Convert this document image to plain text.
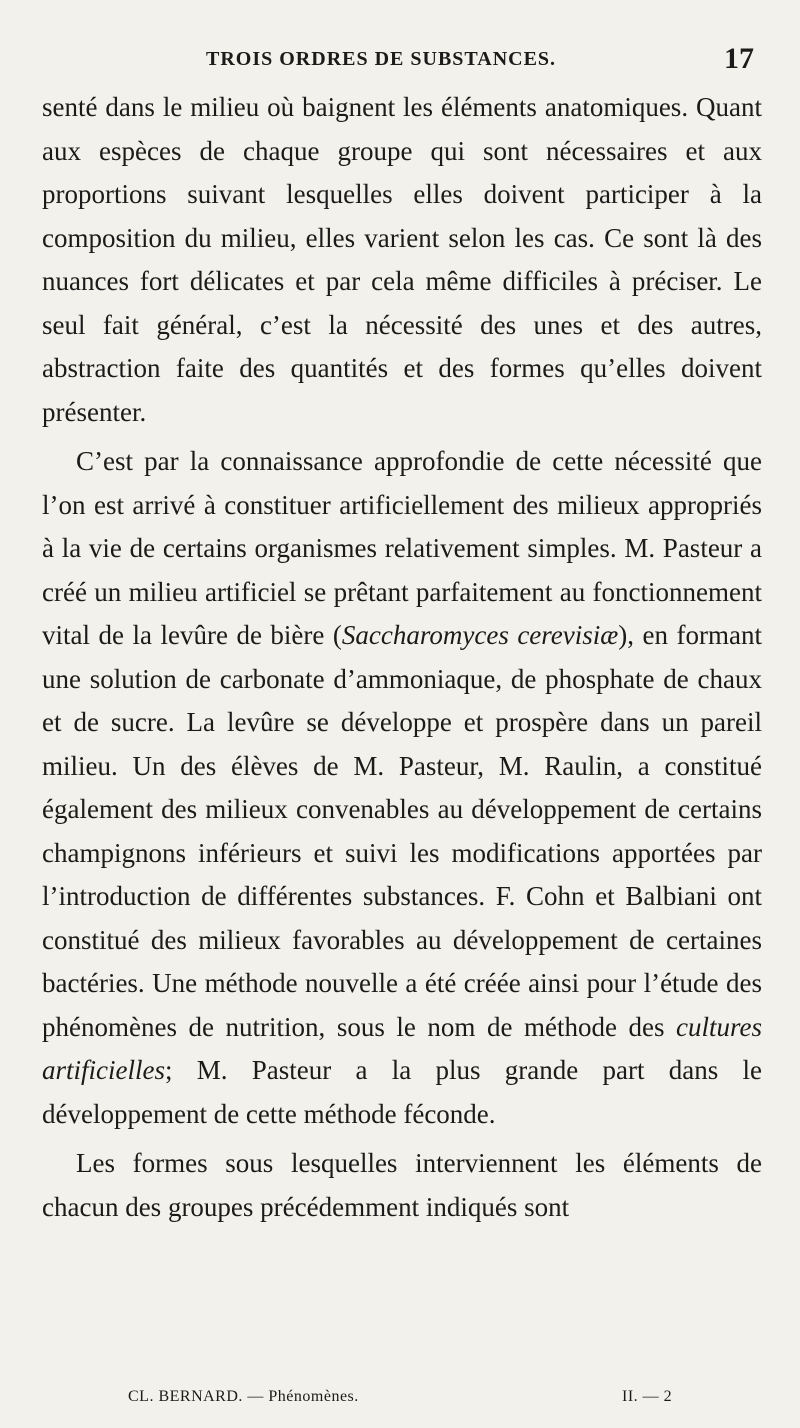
TROIS ORDRES DE SUBSTANCES.	17

senté dans le milieu où baignent les éléments anatomiques. Quant aux espèces de chaque groupe qui sont nécessaires et aux proportions suivant lesquelles elles doivent participer à la composition du milieu, elles varient selon les cas. Ce sont là des nuances fort délicates et par cela même difficiles à préciser. Le seul fait général, c’est la nécessité des unes et des autres, abstraction faite des quantités et des formes qu’elles doivent présenter.

C’est par la connaissance approfondie de cette nécessité que l’on est arrivé à constituer artificiellement des milieux appropriés à la vie de certains organismes relativement simples. M. Pasteur a créé un milieu artificiel se prêtant parfaitement au fonctionnement vital de la levûre de bière (Saccharomyces cerevisiæ), en formant une solution de carbonate d’ammoniaque, de phosphate de chaux et de sucre. La levûre se développe et prospère dans un pareil milieu. Un des élèves de M. Pasteur, M. Raulin, a constitué également des milieux convenables au développement de certains champignons inférieurs et suivi les modifications apportées par l’introduction de différentes substances. F. Cohn et Balbiani ont constitué des milieux favorables au développement de certaines bactéries. Une méthode nouvelle a été créée ainsi pour l’étude des phénomènes de nutrition, sous le nom de méthode des cultures artificielles; M. Pasteur a la plus grande part dans le développement de cette méthode féconde.

Les formes sous lesquelles interviennent les éléments de chacun des groupes précédemment indiqués sont

CL. BERNARD. — Phénomènes.	II. — 2
